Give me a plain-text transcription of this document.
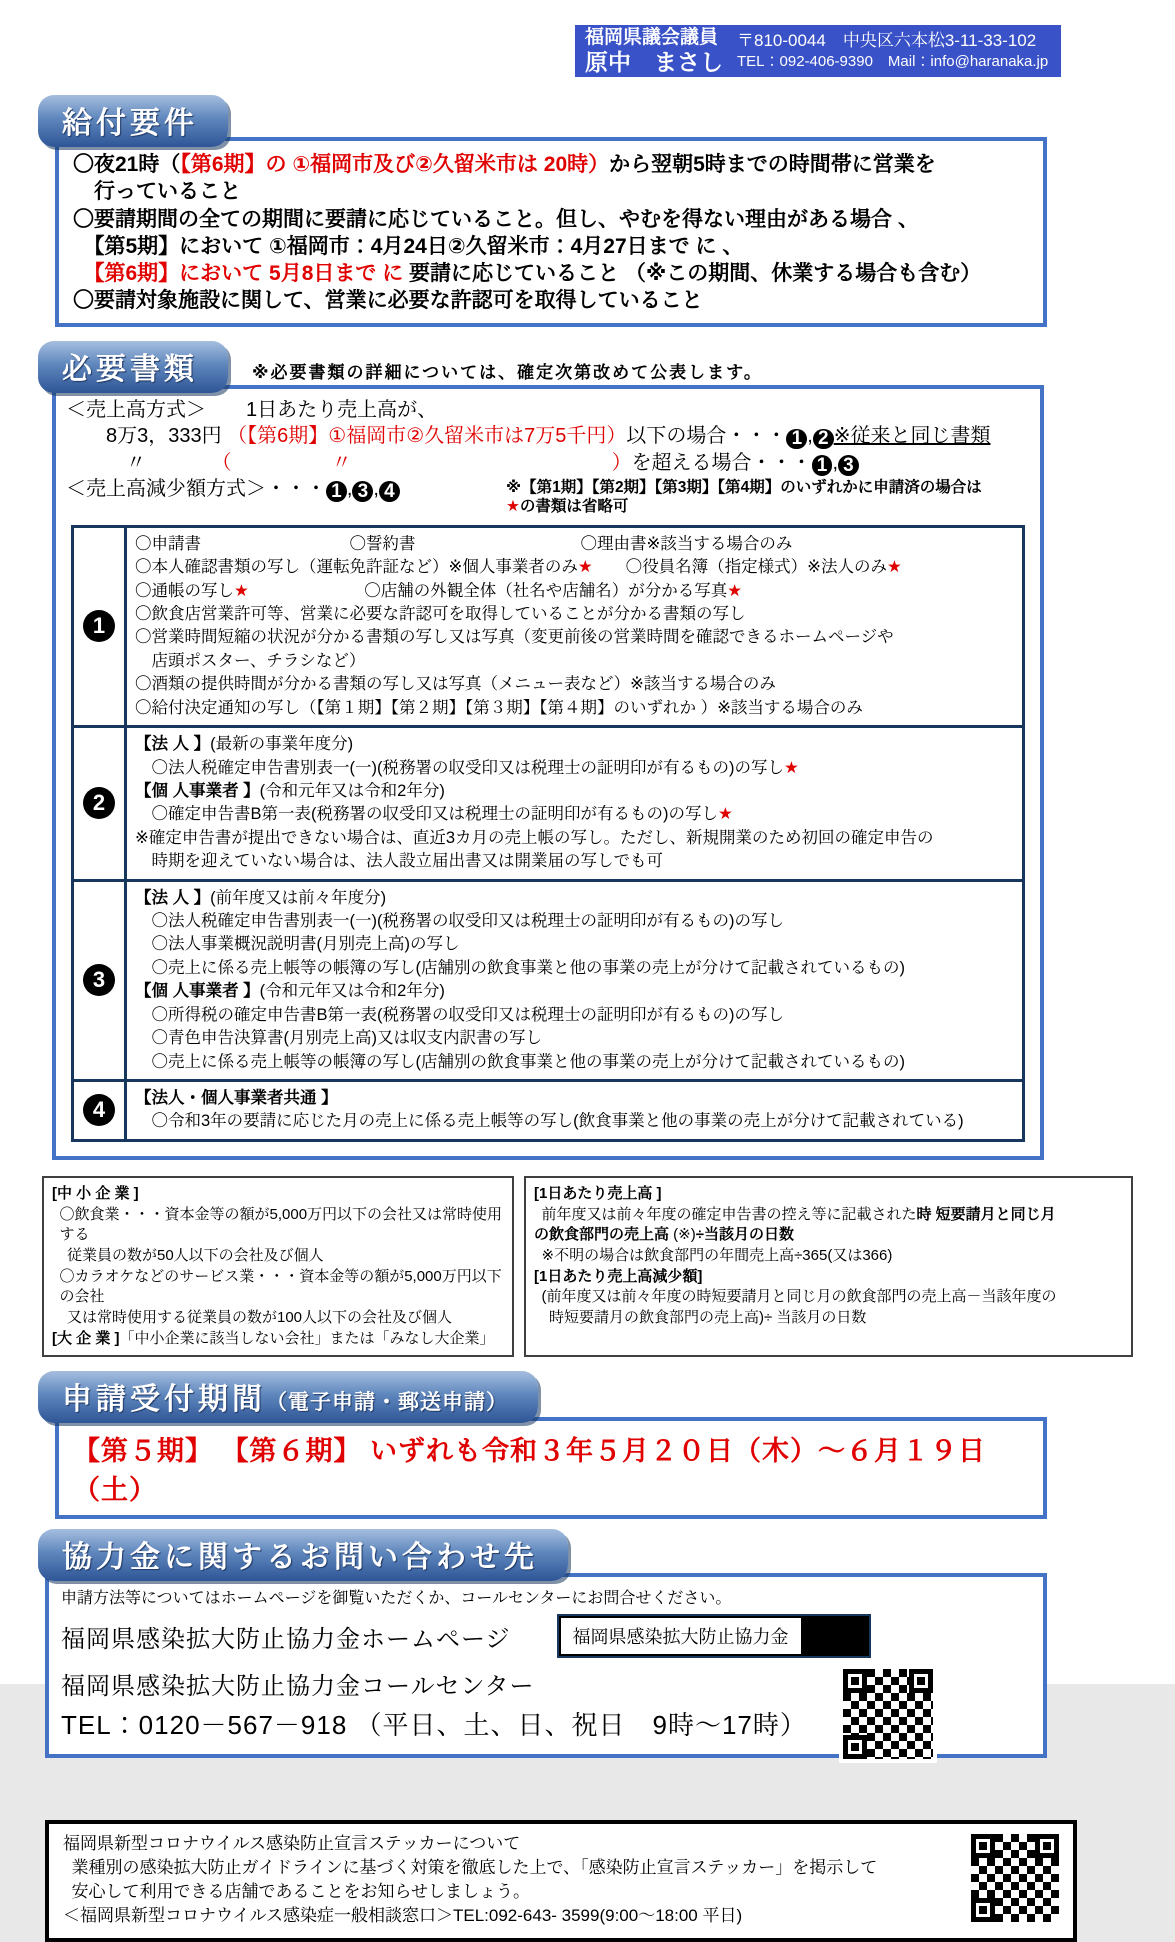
福岡県議会議員
原中　まさし
〒810-0044　中央区六本松3-11-33-102
TEL：092-406-9390　Mail：info@haranaka.jp
給付要件
〇夜21時（【第6期】の ①福岡市及び②久留米市は 20時）から翌朝5時までの時間帯に営業を
行っていること
〇要請期間の全ての期間に要請に応じていること。但し、やむを得ない理由がある場合 、
【第5期】において ①福岡市：4月24日②久留米市：4月27日まで に 、
【第6期】において 5月8日まで に 要請に応じていること （※この期間、休業する場合も含む）
〇要請対象施設に関して、営業に必要な許認可を取得していること
必要書類	※必要書類の詳細については、確定次第改めて公表します。
＜売上高方式＞　　1日あたり売上高が、
8万3，333円 （【第6期】①福岡市②久留米市は7万5千円）以下の場合・・・ 1 , 2 ※従来と同じ書類
〃　　　 （　　　　　	〃　　　　　　　　　　　　　	）を超える場合・・・ 1 , 3
＜売上高減少額方式＞・・・ 1 , 3 , 4	※【第1期】【第2期】【第3期】【第4期】のいずれかに申請済の場合は
★の書類は省略可
1
〇申請書　　　　　　　　　〇誓約書　　　　　　　　　　〇理由書※該当する場合のみ
〇本人確認書類の写し（運転免許証など）※個人事業者のみ★　　〇役員名簿（指定様式）※法人のみ★
〇通帳の写し★　　　　　　　〇店舗の外観全体（社名や店舗名）が分かる写真★
〇飲食店営業許可等、営業に必要な許認可を取得していることが分かる書類の写し
〇営業時間短縮の状況が分かる書類の写し又は写真（変更前後の営業時間を確認できるホームページや
店頭ポスター、チラシなど）
〇酒類の提供時間が分かる書類の写し又は写真（メニュー表など）※該当する場合のみ
〇給付決定通知の写し（【第１期】【第２期】【第３期】【第４期】のいずれか ）※該当する場合のみ
2
【法 人 】(最新の事業年度分)
〇法人税確定申告書別表一(一)(税務署の収受印又は税理士の証明印が有るもの)の写し★
【個 人事業者 】(令和元年又は令和2年分)
〇確定申告書B第一表(税務署の収受印又は税理士の証明印が有るもの)の写し★
※確定申告書が提出できない場合は、直近3カ月の売上帳の写し。ただし、新規開業のため初回の確定申告の
時期を迎えていない場合は、法人設立届出書又は開業届の写しでも可
3
【法 人 】(前年度又は前々年度分)
〇法人税確定申告書別表一(一)(税務署の収受印又は税理士の証明印が有るもの)の写し
〇法人事業概況説明書(月別売上高)の写し
〇売上に係る売上帳等の帳簿の写し(店舗別の飲食事業と他の事業の売上が分けて記載されているもの)
【個 人事業者 】(令和元年又は令和2年分)
〇所得税の確定申告書B第一表(税務署の収受印又は税理士の証明印が有るもの)の写し
〇青色申告決算書(月別売上高)又は収支内訳書の写し
〇売上に係る売上帳等の帳簿の写し(店舗別の飲食事業と他の事業の売上が分けて記載されているもの)
4	【法人・個人事業者共通 】
〇令和3年の要請に応じた月の売上に係る売上帳等の写し(飲食事業と他の事業の売上が分けて記載されている)
[中 小 企 業 ]
〇飲食業・・・資本金等の額が5,000万円以下の会社又は常時使用する
従業員の数が50人以下の会社及び個人
〇カラオケなどのサービス業・・・資本金等の額が5,000万円以下の会社
又は常時使用する従業員の数が100人以下の会社及び個人
[大 企 業 ]「中小企業に該当しない会社」または「みなし大企業」
[1日あたり売上高 ]
前年度又は前々年度の確定申告書の控え等に記載された時 短要請月と同じ月
の飲食部門の売上高 (※)÷当該月の日数
※不明の場合は飲食部門の年間売上高÷365(又は366)
[1日あたり売上高減少額]
(前年度又は前々年度の時短要請月と同じ月の飲食部門の売上高－当該年度の
時短要請月の飲食部門の売上高)÷ 当該月の日数
申請受付期間（電子申請・郵送申請）
【第５期】 【第６期】 いずれも令和３年５月２０日（木）～６月１９日（土）
協力金に関するお問い合わせ先
申請方法等についてはホームページを御覧いただくか、コールセンターにお問合せください。
福岡県感染拡大防止協力金ホームページ	福岡県感染拡大防止協力金
福岡県感染拡大防止協力金コールセンター
TEL：0120－567－918 （平日、土、日、祝日　9時～17時）
福岡県新型コロナウイルス感染防止宣言ステッカーについて
業種別の感染拡大防止ガイドラインに基づく対策を徹底した上で、「感染防止宣言ステッカー」を掲示して
安心して利用できる店舗であることをお知らせしましょう。
＜福岡県新型コロナウイルス感染症一般相談窓口＞TEL:092-643- 3599(9:00～18:00 平日)
